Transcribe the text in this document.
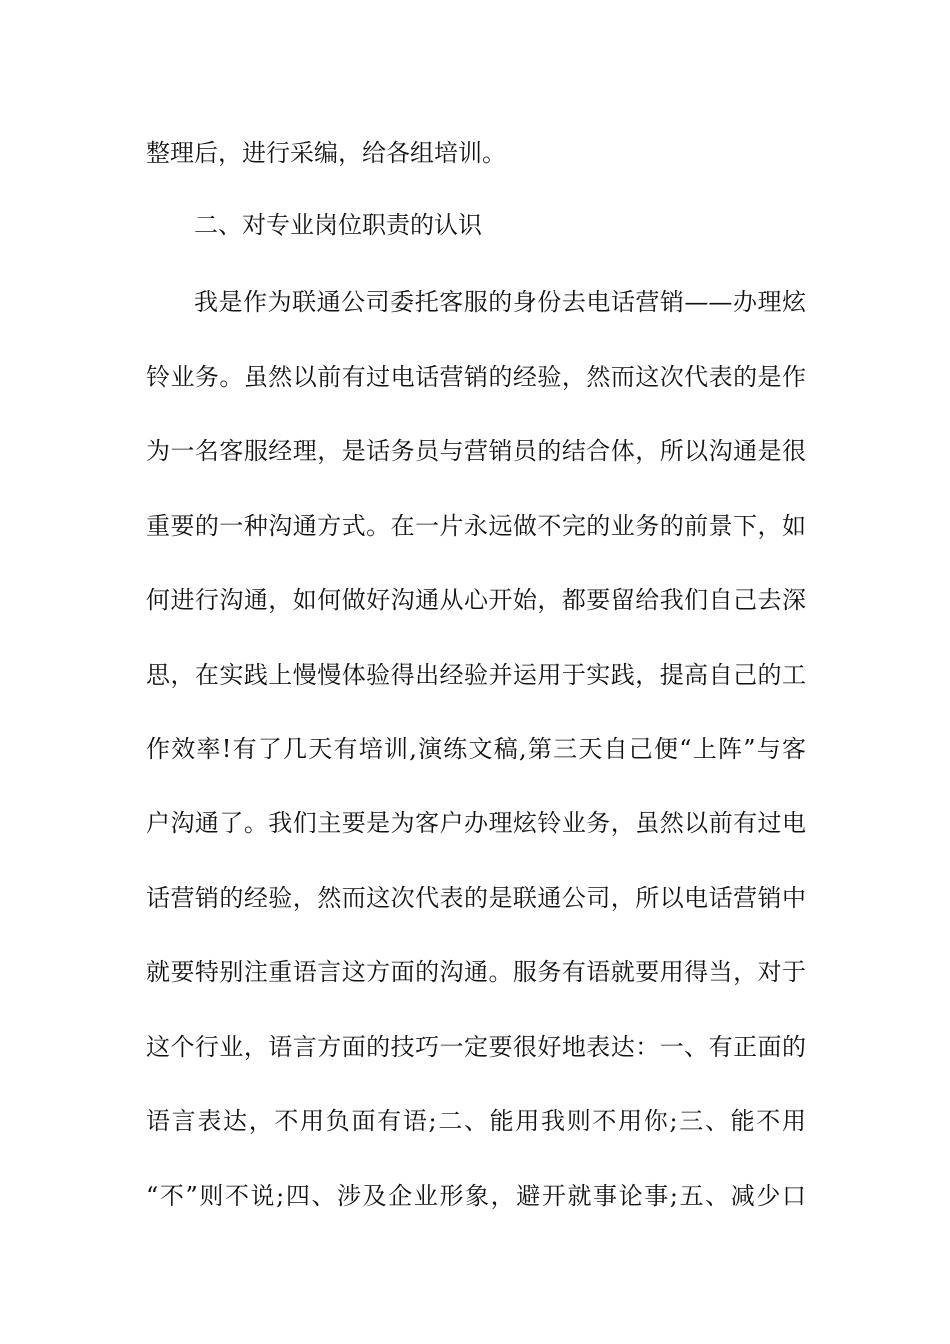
整理后，进行采编，给各组培训。
二、对专业岗位职责的认识
我是作为联通公司委托客服的身份去电话营销——办理炫
铃业务。虽然以前有过电话营销的经验，然而这次代表的是作
为一名客服经理，是话务员与营销员的结合体，所以沟通是很
重要的一种沟通方式。在一片永远做不完的业务的前景下，如
何进行沟通，如何做好沟通从心开始，都要留给我们自己去深
思，在实践上慢慢体验得出经验并运用于实践，提高自己的工
作效率!有了几天有培训,演练文稿,第三天自己便“上阵”与客
户沟通了。我们主要是为客户办理炫铃业务，虽然以前有过电
话营销的经验，然而这次代表的是联通公司，所以电话营销中
就要特别注重语言这方面的沟通。服务有语就要用得当，对于
这个行业，语言方面的技巧一定要很好地表达：一、有正面的
语言表达，不用负面有语;二、能用我则不用你;三、能不用
“不”则不说;四、涉及企业形象，避开就事论事;五、减少口
